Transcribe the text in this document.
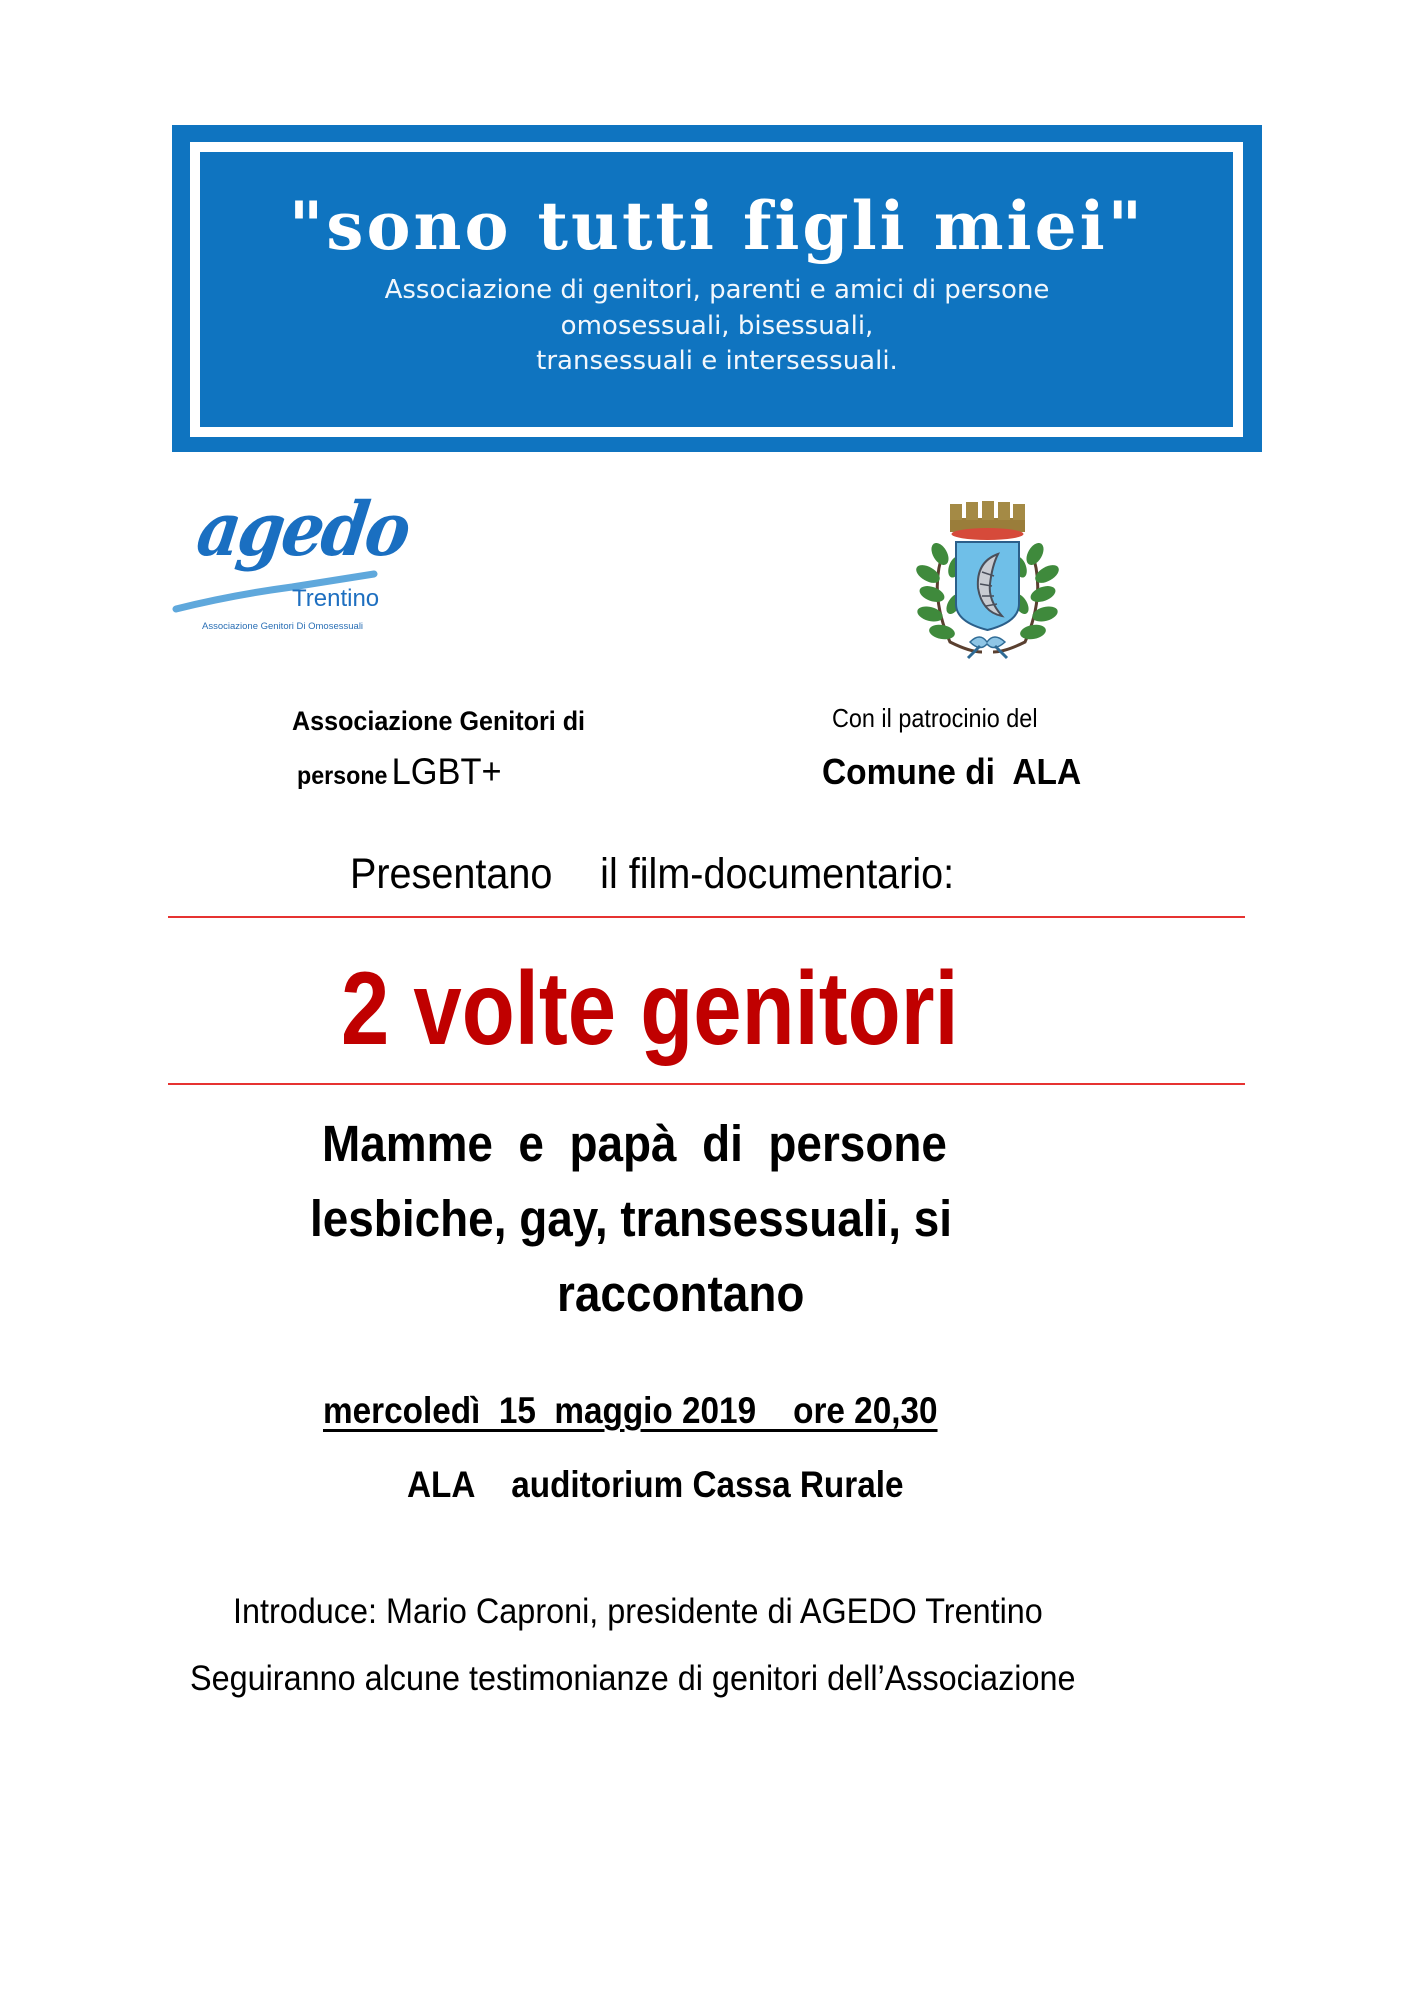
"sono tutti figli miei"
Associazione di genitori, parenti e amici di persone
omosessuali, bisessuali,
transessuali e intersessuali.
agedo
Trentino
Associazione Genitori Di Omosessuali
Associazione Genitori di
persone LGBT+
Con il patrocinio del
Comune di  ALA
Presentano il film-documentario:
2 volte genitori
Mamme  e  papà  di  persone
lesbiche, gay, transessuali, si
raccontano
mercoledì  15  maggio 2019    ore 20,30
ALA    auditorium Cassa Rurale
Introduce: Mario Caproni, presidente di AGEDO Trentino
Seguiranno alcune testimonianze di genitori dell’Associazione
